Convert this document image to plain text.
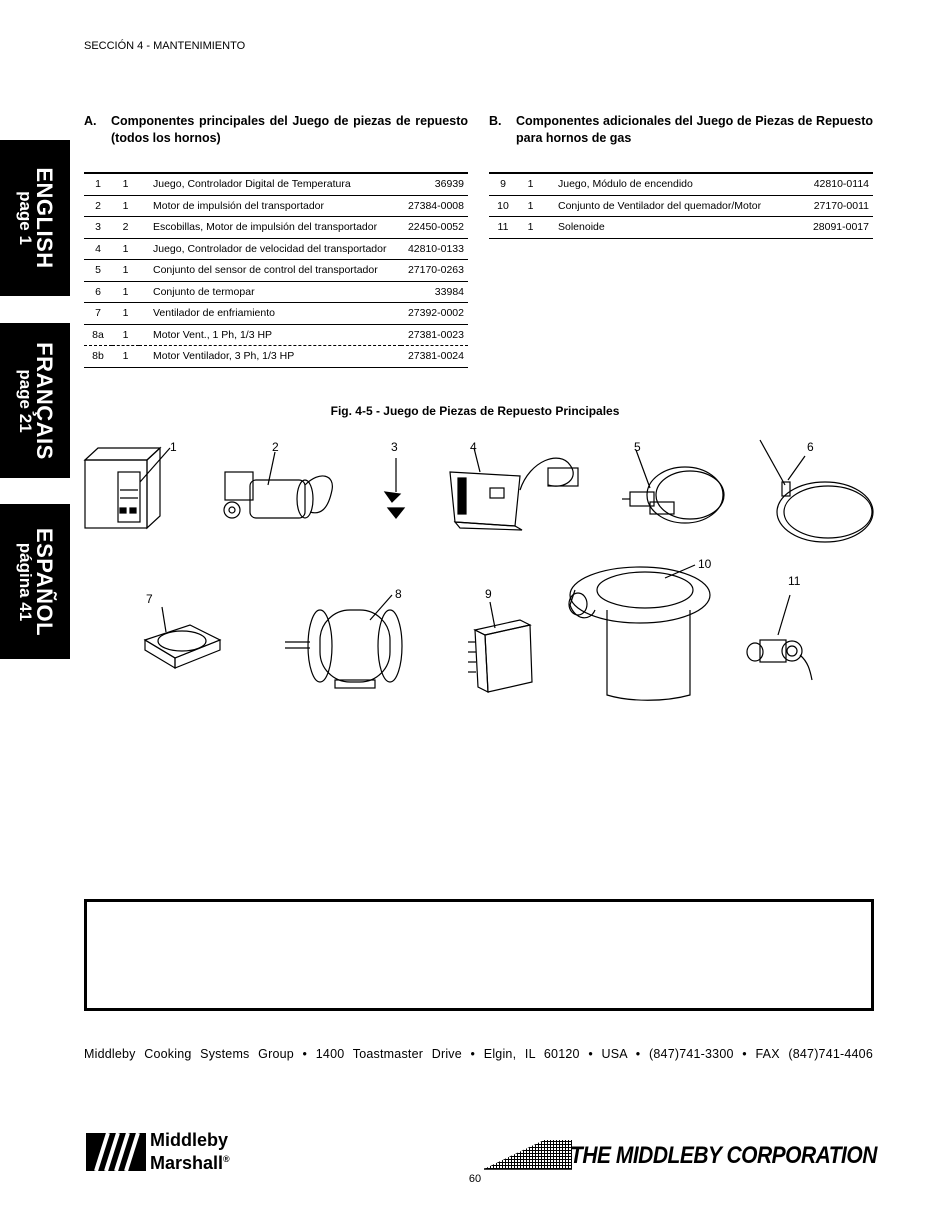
SECCIÓN 4 - MANTENIMIENTO
ENGLISH
page 1
FRANÇAIS
page 21
ESPAÑOL
página 41
A. Componentes principales del Juego de piezas de repuesto (todos los hornos)
B. Componentes adicionales del Juego de Piezas de Repuesto para hornos de gas
1	1	Juego, Controlador Digital de Temperatura	36939
2	1	Motor de impulsión del transportador	27384-0008
3	2	Escobillas, Motor de impulsión del transportador	22450-0052
4	1	Juego, Controlador de velocidad del transportador	42810-0133
5	1	Conjunto del sensor de control del transportador	27170-0263
6	1	Conjunto de termopar	33984
7	1	Ventilador de enfriamiento	27392-0002
8a	1	Motor Vent., 1 Ph, 1/3 HP	27381-0023
8b	1	Motor Ventilador, 3 Ph, 1/3 HP	27381-0024
9	1	Juego, Módulo de encendido	42810-0114
10	1	Conjunto de Ventilador del quemador/Motor	27170-0011
11	1	Solenoide	28091-0017
Fig. 4-5 - Juego de Piezas de Repuesto Principales
1	2	3	4	5	6
7	8	9
10
11
Middleby Cooking Systems Group • 1400 Toastmaster Drive • Elgin, IL 60120 • USA • (847)741-3300 • FAX (847)741-4406
Middleby
Marshall®	THE MIDDLEBY CORPORATION
60
